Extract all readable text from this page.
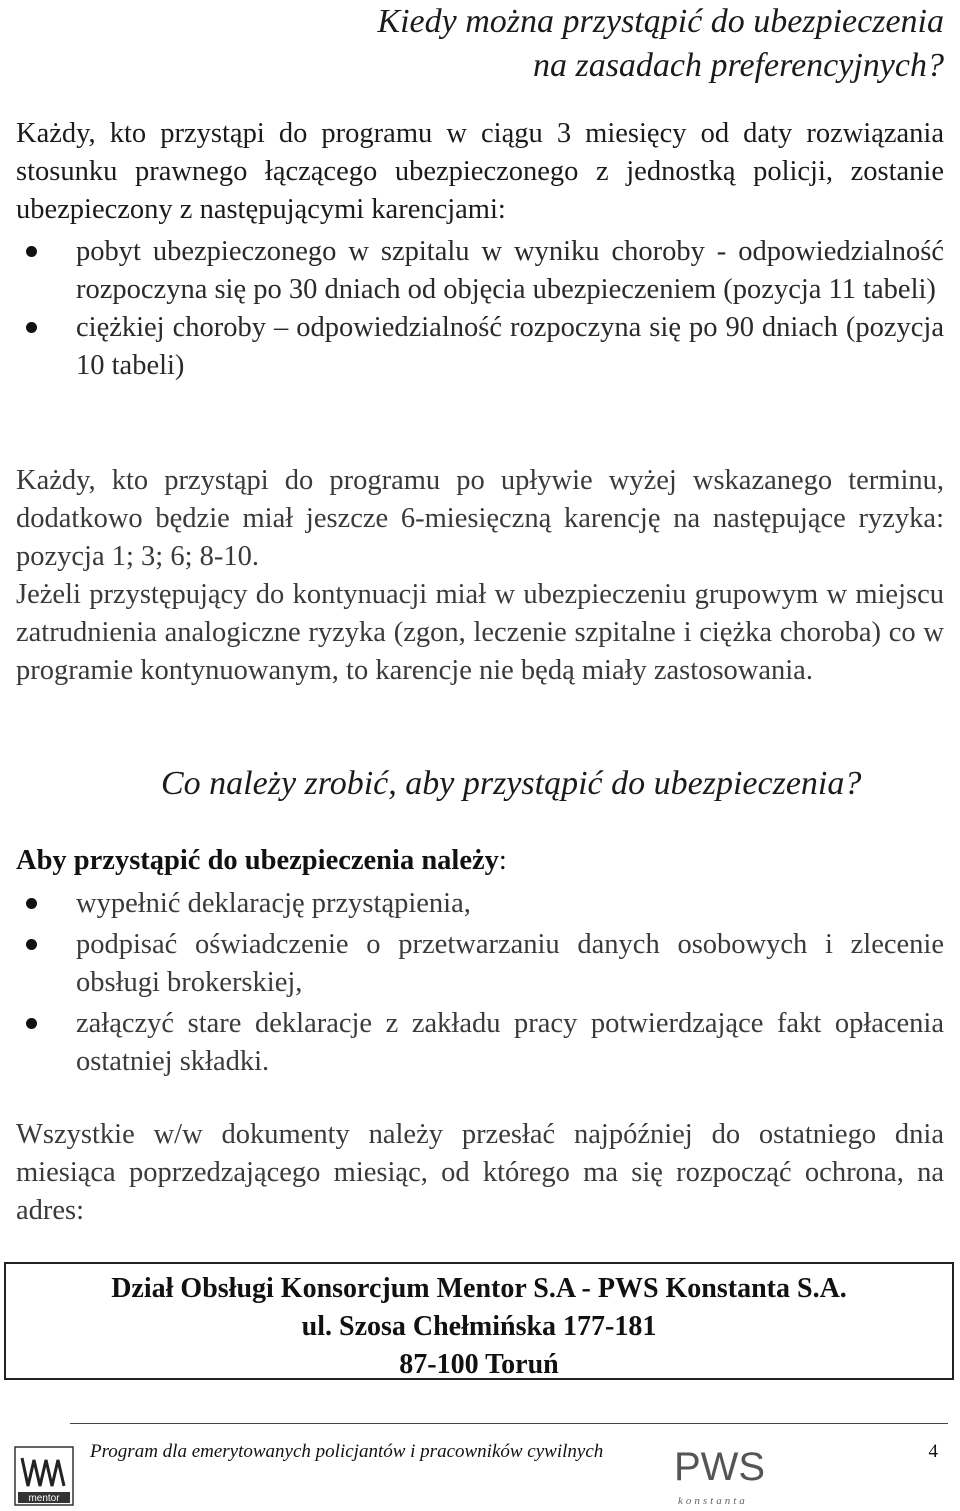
Kiedy można przystąpić do ubezpieczenia
na zasadach preferencyjnych?
Każdy, kto przystąpi do programu w ciągu 3 miesięcy od daty rozwiązania stosunku prawnego łączącego ubezpieczonego z jednostką policji, zostanie ubezpieczony z następującymi karencjami:
pobyt ubezpieczonego w szpitalu w wyniku choroby - odpowiedzialność rozpoczyna się po 30 dniach od objęcia ubezpieczeniem (pozycja 11 tabeli)
ciężkiej choroby – odpowiedzialność rozpoczyna się po 90 dniach (pozycja 10 tabeli)
Każdy, kto przystąpi do programu po upływie wyżej wskazanego terminu, dodatkowo będzie miał jeszcze 6-miesięczną karencję na następujące ryzyka: pozycja 1; 3; 6; 8-10.
Jeżeli przystępujący do kontynuacji miał w ubezpieczeniu grupowym w miejscu zatrudnienia analogiczne ryzyka (zgon, leczenie szpitalne i ciężka choroba) co w programie kontynuowanym, to karencje nie będą miały zastosowania.
Co należy zrobić, aby przystąpić do ubezpieczenia?
Aby przystąpić do ubezpieczenia należy:
wypełnić deklarację przystąpienia,
podpisać oświadczenie o przetwarzaniu danych osobowych i zlecenie obsługi brokerskiej,
załączyć stare deklaracje z zakładu pracy potwierdzające fakt opłacenia ostatniej składki.
Wszystkie w/w dokumenty należy przesłać najpóźniej do ostatniego dnia miesiąca poprzedzającego miesiąc, od którego ma się rozpocząć ochrona, na adres:
Dział Obsługi Konsorcjum Mentor S.A - PWS Konstanta S.A.
ul. Szosa Chełmińska 177-181
87-100 Toruń
mentor
Program dla emerytowanych policjantów i pracowników cywilnych PWS
konstanta
4
